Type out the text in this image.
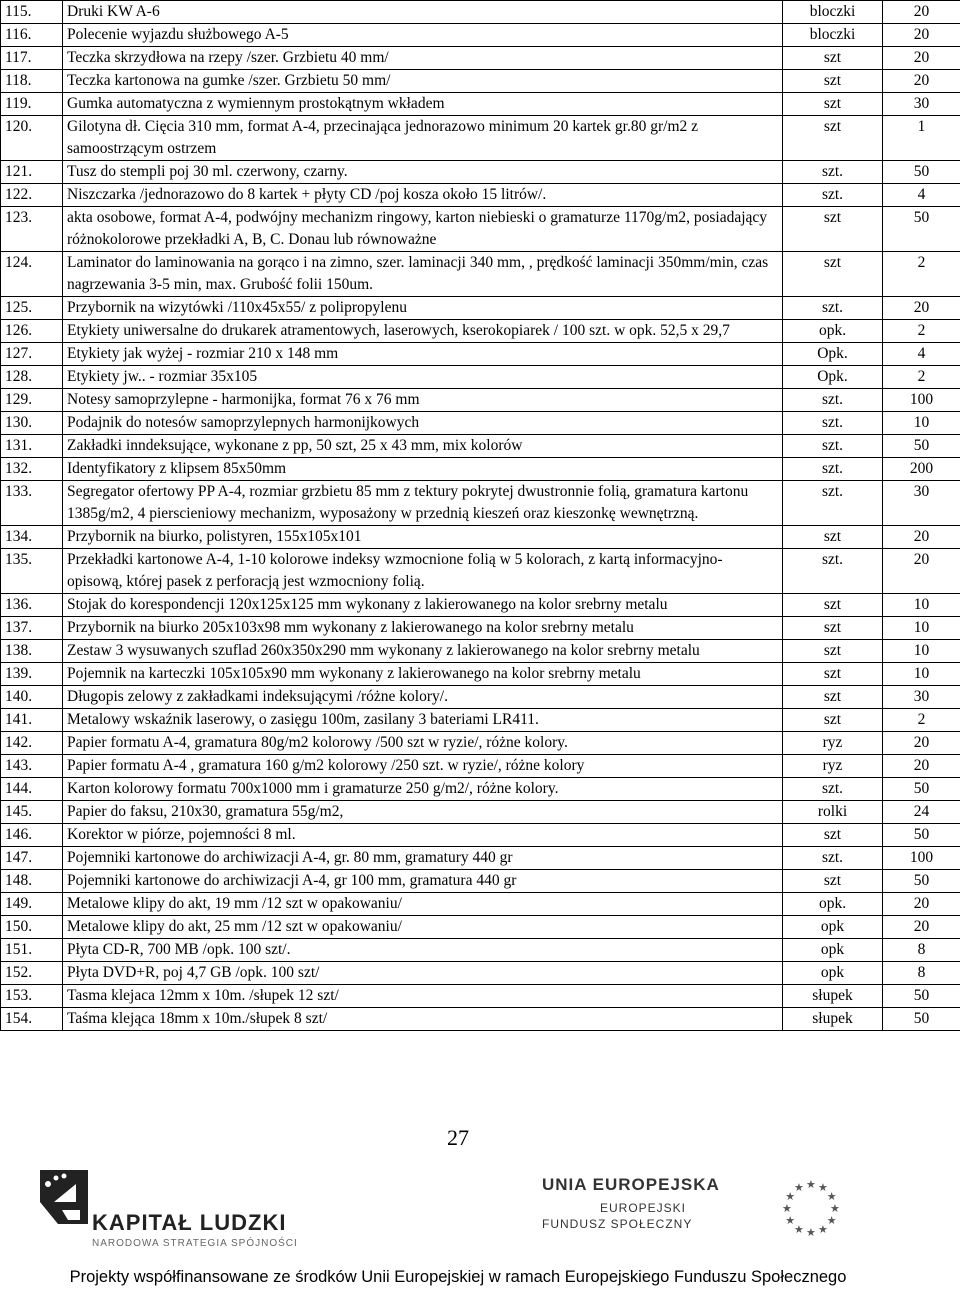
115.	Druki KW A-6	bloczki	20
116.	Polecenie wyjazdu służbowego A-5	bloczki	20
117.	Teczka skrzydłowa na rzepy /szer. Grzbietu 40 mm/	szt	20
118.	Teczka kartonowa na gumke /szer. Grzbietu 50 mm/	szt	20
119.	Gumka automatyczna z wymiennym prostokątnym wkładem	szt	30
120.	Gilotyna dł. Cięcia 310 mm, format A-4, przecinająca jednorazowo minimum 20 kartek gr.80 gr/m2 z samoostrzącym ostrzem	szt	1
121.	Tusz do stempli poj 30 ml. czerwony, czarny.	szt.	50
122.	Niszczarka /jednorazowo do 8 kartek + płyty CD /poj kosza około 15 litrów/.	szt.	4
123.	akta osobowe, format A-4, podwójny mechanizm ringowy, karton niebieski o gramaturze 1170g/m2, posiadający różnokolorowe przekładki A, B, C. Donau lub równoważne	szt	50
124.	Laminator do laminowania na gorąco i na zimno, szer. laminacji 340 mm, , prędkość laminacji 350mm/min, czas nagrzewania 3-5 min, max. Grubość folii 150um.	szt	2
125.	Przybornik na wizytówki /110x45x55/ z polipropylenu	szt.	20
126.	Etykiety uniwersalne do drukarek atramentowych, laserowych, kserokopiarek / 100 szt. w opk. 52,5 x 29,7	opk.	2
127.	Etykiety jak wyżej - rozmiar 210 x 148 mm	Opk.	4
128.	Etykiety jw.. - rozmiar 35x105	Opk.	2
129.	Notesy samoprzylepne - harmonijka, format 76 x 76 mm	szt.	100
130.	Podajnik do notesów samoprzylepnych harmonijkowych	szt.	10
131.	Zakładki inndeksujące, wykonane z pp, 50 szt, 25 x 43 mm, mix kolorów	szt.	50
132.	Identyfikatory z klipsem 85x50mm	szt.	200
133.	Segregator ofertowy PP A-4, rozmiar grzbietu 85 mm z tektury pokrytej dwustronnie folią, gramatura kartonu 1385g/m2, 4 pierscieniowy mechanizm, wyposażony w przednią kieszeń oraz kieszonkę wewnętrzną.	szt.	30
134.	Przybornik na biurko, polistyren, 155x105x101	szt	20
135.	Przekładki kartonowe A-4, 1-10 kolorowe indeksy wzmocnione folią w 5 kolorach, z kartą informacyjno-opisową, której pasek z perforacją jest wzmocniony folią.	szt.	20
136.	Stojak do korespondencji 120x125x125 mm wykonany z lakierowanego na kolor srebrny metalu	szt	10
137.	Przybornik na biurko 205x103x98 mm wykonany z lakierowanego na kolor srebrny metalu	szt	10
138.	Zestaw 3 wysuwanych szuflad 260x350x290 mm wykonany z lakierowanego na kolor srebrny metalu	szt	10
139.	Pojemnik na karteczki 105x105x90 mm wykonany z lakierowanego na kolor srebrny metalu	szt	10
140.	Długopis zelowy z zakładkami indeksującymi /różne kolory/.	szt	30
141.	Metalowy wskaźnik laserowy, o zasięgu 100m, zasilany 3 bateriami LR411.	szt	2
142.	Papier formatu A-4, gramatura 80g/m2 kolorowy /500 szt w ryzie/, różne kolory.	ryz	20
143.	Papier formatu A-4 , gramatura 160 g/m2 kolorowy /250 szt. w ryzie/, różne kolory	ryz	20
144.	Karton kolorowy formatu 700x1000 mm i gramaturze 250 g/m2/, różne kolory.	szt.	50
145.	Papier do faksu, 210x30, gramatura 55g/m2,	rolki	24
146.	Korektor w piórze, pojemności 8 ml.	szt	50
147.	Pojemniki kartonowe do archiwizacji A-4, gr. 80 mm, gramatury 440 gr	szt.	100
148.	Pojemniki kartonowe do archiwizacji A-4, gr 100 mm, gramatura 440 gr	szt	50
149.	Metalowe klipy do akt, 19 mm /12 szt w opakowaniu/	opk.	20
150.	Metalowe klipy do akt, 25 mm /12 szt w opakowaniu/	opk	20
151.	Płyta CD-R, 700 MB /opk. 100 szt/.	opk	8
152.	Płyta DVD+R, poj 4,7 GB /opk. 100 szt/	opk	8
153.	Tasma klejaca 12mm x 10m. /słupek 12 szt/	słupek	50
154.	Taśma klejąca 18mm x 10m./słupek 8 szt/	słupek	50
27
KAPITAŁ LUDZKI
NARODOWA STRATEGIA SPÓJNOŚCI
UNIA EUROPEJSKA
EUROPEJSKI
FUNDUSZ SPOŁECZNY
★
★
★
★
★
★
★
★
★ ★ ★
★
Projekty współfinansowane ze środków Unii Europejskiej w ramach Europejskiego Funduszu Społecznego
